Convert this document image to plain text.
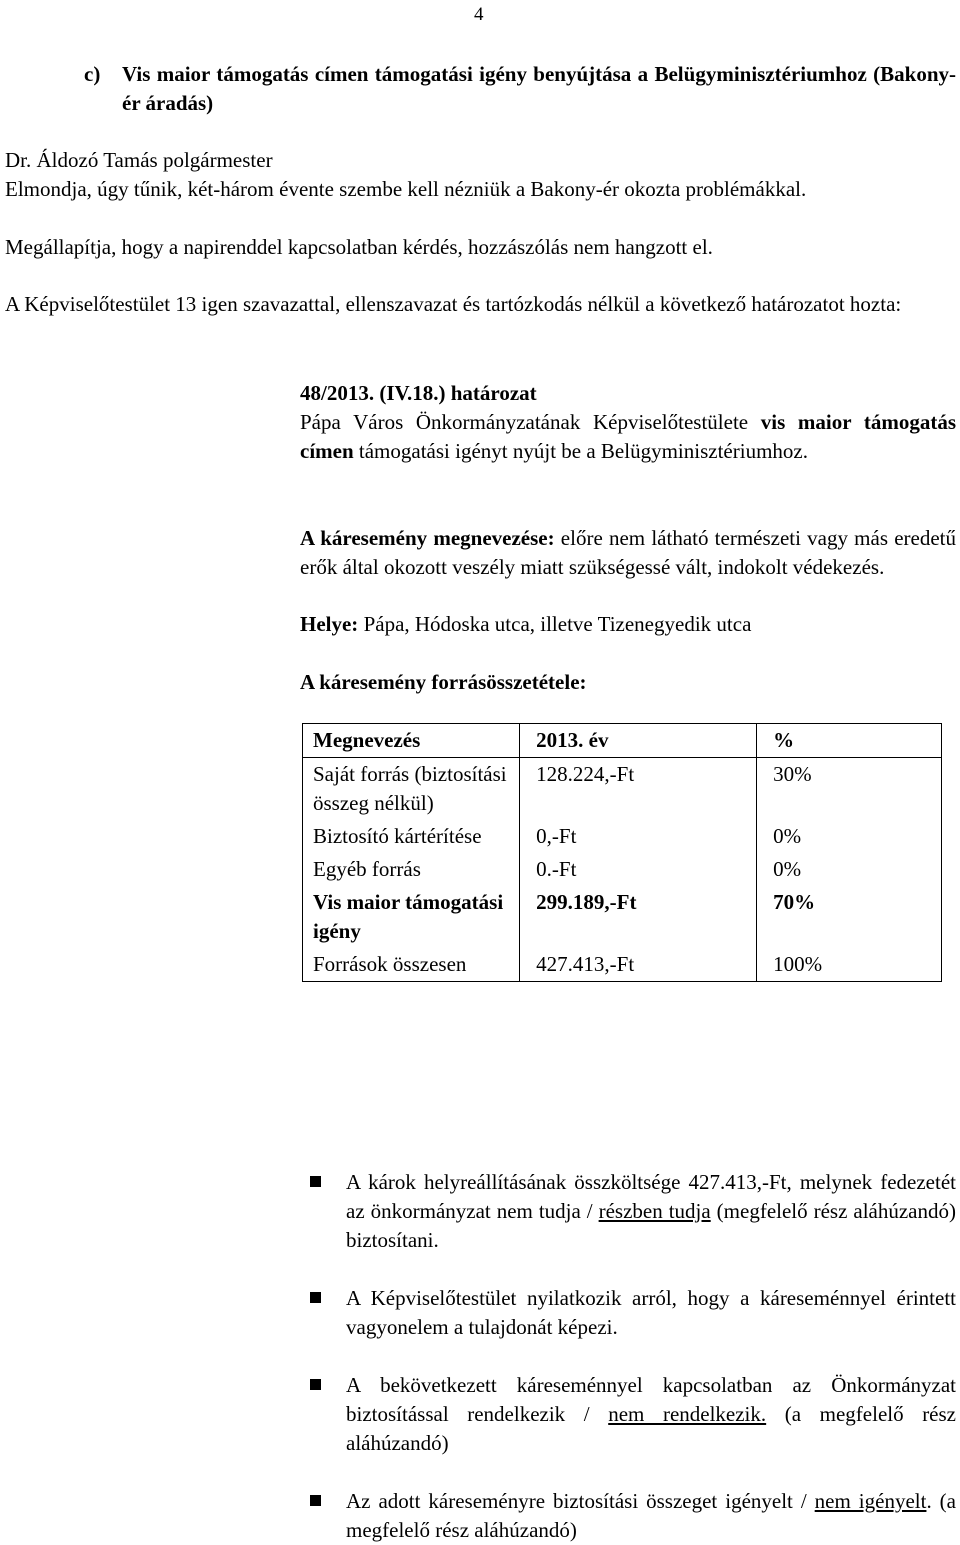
4
c)	Vis maior támogatás címen támogatási igény benyújtása a Belügyminisztériumhoz (Bakony-ér áradás)
Dr. Áldozó Tamás polgármester
Elmondja, úgy tűnik, két-három évente szembe kell nézniük a Bakony-ér okozta problémákkal.
Megállapítja, hogy a napirenddel kapcsolatban kérdés, hozzászólás nem hangzott el.
A Képviselőtestület 13 igen szavazattal, ellenszavazat és tartózkodás nélkül a következő határozatot hozta:
48/2013. (IV.18.) határozat
Pápa Város Önkormányzatának Képviselőtestülete vis maior támogatás címen támogatási igényt nyújt be a Belügyminisztériumhoz.
A káresemény megnevezése: előre nem látható természeti vagy más eredetű erők által okozott veszély miatt szükségessé vált, indokolt védekezés.
Helye: Pápa, Hódoska utca, illetve Tizenegyedik utca
A káresemény forrásösszetétele:
Megnevezés	2013. év	%
Saját forrás (biztosítási összeg nélkül)	128.224,-Ft	30%
Biztosító kártérítése	0,-Ft	0%
Egyéb forrás	0.-Ft	0%
Vis maior támogatási igény	299.189,-Ft	70%
Források összesen	427.413,-Ft	100%
A károk helyreállításának összköltsége 427.413,-Ft, melynek fedezetét az önkormányzat nem tudja / részben tudja (megfelelő rész aláhúzandó) biztosítani.
A Képviselőtestület nyilatkozik arról, hogy a káreseménnyel érintett vagyonelem a tulajdonát képezi.
A bekövetkezett káreseménnyel kapcsolatban az Önkormányzat biztosítással rendelkezik / nem rendelkezik. (a megfelelő rész aláhúzandó)
Az adott káreseményre biztosítási összeget igényelt / nem igényelt. (a megfelelő rész aláhúzandó)
